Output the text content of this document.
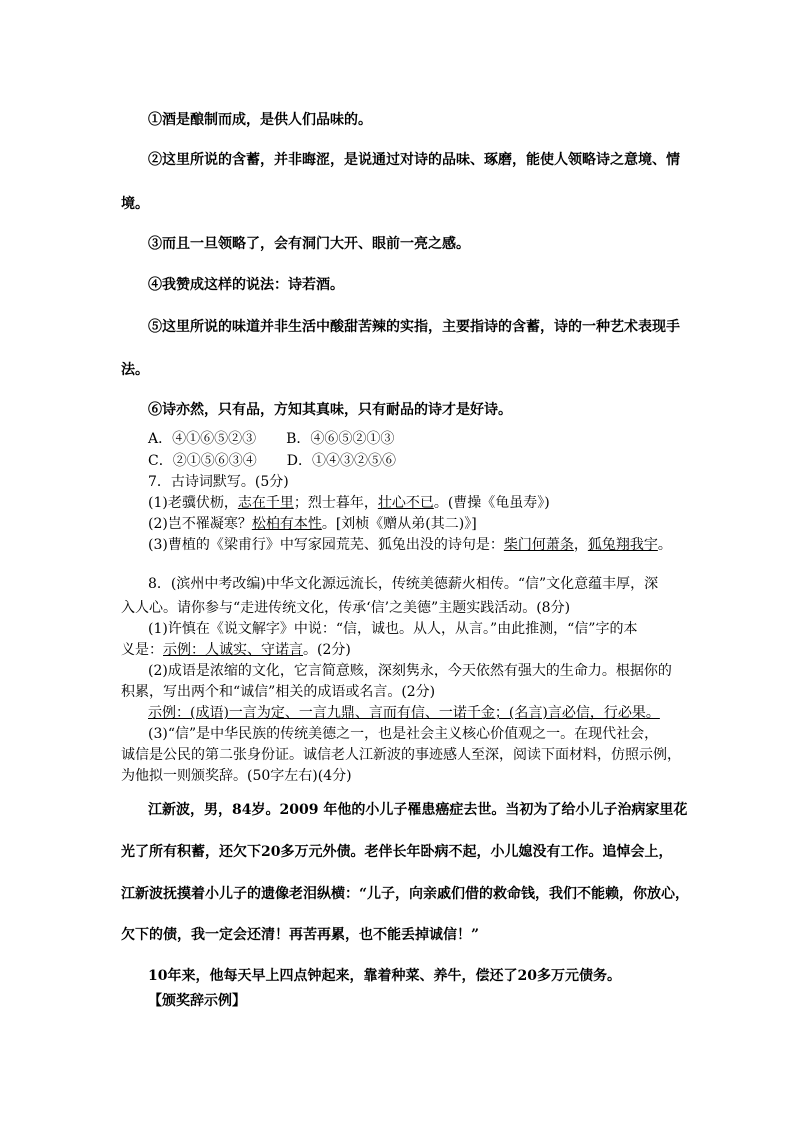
①酒是酿制而成，是供人们品味的。

②这里所说的含蓄，并非晦涩，是说通过对诗的品味、琢磨，能使人领略诗之意境、情

境。

③而且一旦领略了，会有洞门大开、眼前一亮之感。

④我赞成这样的说法：诗若酒。

⑤这里所说的味道并非生活中酸甜苦辣的实指，主要指诗的含蓄，诗的一种艺术表现手

法。

⑥诗亦然，只有品，方知其真味，只有耐品的诗才是好诗。

A．④①⑥⑤②③ B．④⑥⑤②①③

C．②①⑤⑥③④ D．①④③②⑤⑥

7．古诗词默写。(5分)

(1)老骥伏枥，志在千里；烈士暮年，壮心不已。(曹操《龟虽寿》)

(2)岂不罹凝寒？松柏有本性。[刘桢《赠从弟(其二)》]

(3)曹植的《梁甫行》中写家园荒芜、狐兔出没的诗句是：柴门何萧条，狐兔翔我宇。

8．(滨州中考改编)中华文化源远流长，传统美德薪火相传。“信”文化意蕴丰厚，深

入人心。请你参与“走进传统文化，传承‘信’之美德”主题实践活动。(8分)

(1)许慎在《说文解字》中说：“信，诚也。从人，从言。”由此推测，“信”字的本

义是：示例：人诚实、守诺言。(2分)

(2)成语是浓缩的文化，它言简意赅，深刻隽永，今天依然有强大的生命力。根据你的

积累，写出两个和“诚信”相关的成语或名言。(2分)

示例：(成语)一言为定、一言九鼎、言而有信、一诺千金；(名言)言必信，行必果。

(3)“信”是中华民族的传统美德之一，也是社会主义核心价值观之一。在现代社会，

诚信是公民的第二张身份证。诚信老人江新波的事迹感人至深，阅读下面材料，仿照示例，

为他拟一则颁奖辞。(50字左右)(4分)

江新波，男，84岁。2009 年他的小儿子罹患癌症去世。当初为了给小儿子治病家里花

光了所有积蓄，还欠下20多万元外债。老伴长年卧病不起，小儿媳没有工作。追悼会上，

江新波抚摸着小儿子的遗像老泪纵横：“儿子，向亲戚们借的救命钱，我们不能赖，你放心，

欠下的债，我一定会还清！再苦再累，也不能丢掉诚信！”

10年来，他每天早上四点钟起来，靠着种菜、养牛，偿还了20多万元债务。

【颁奖辞示例】
